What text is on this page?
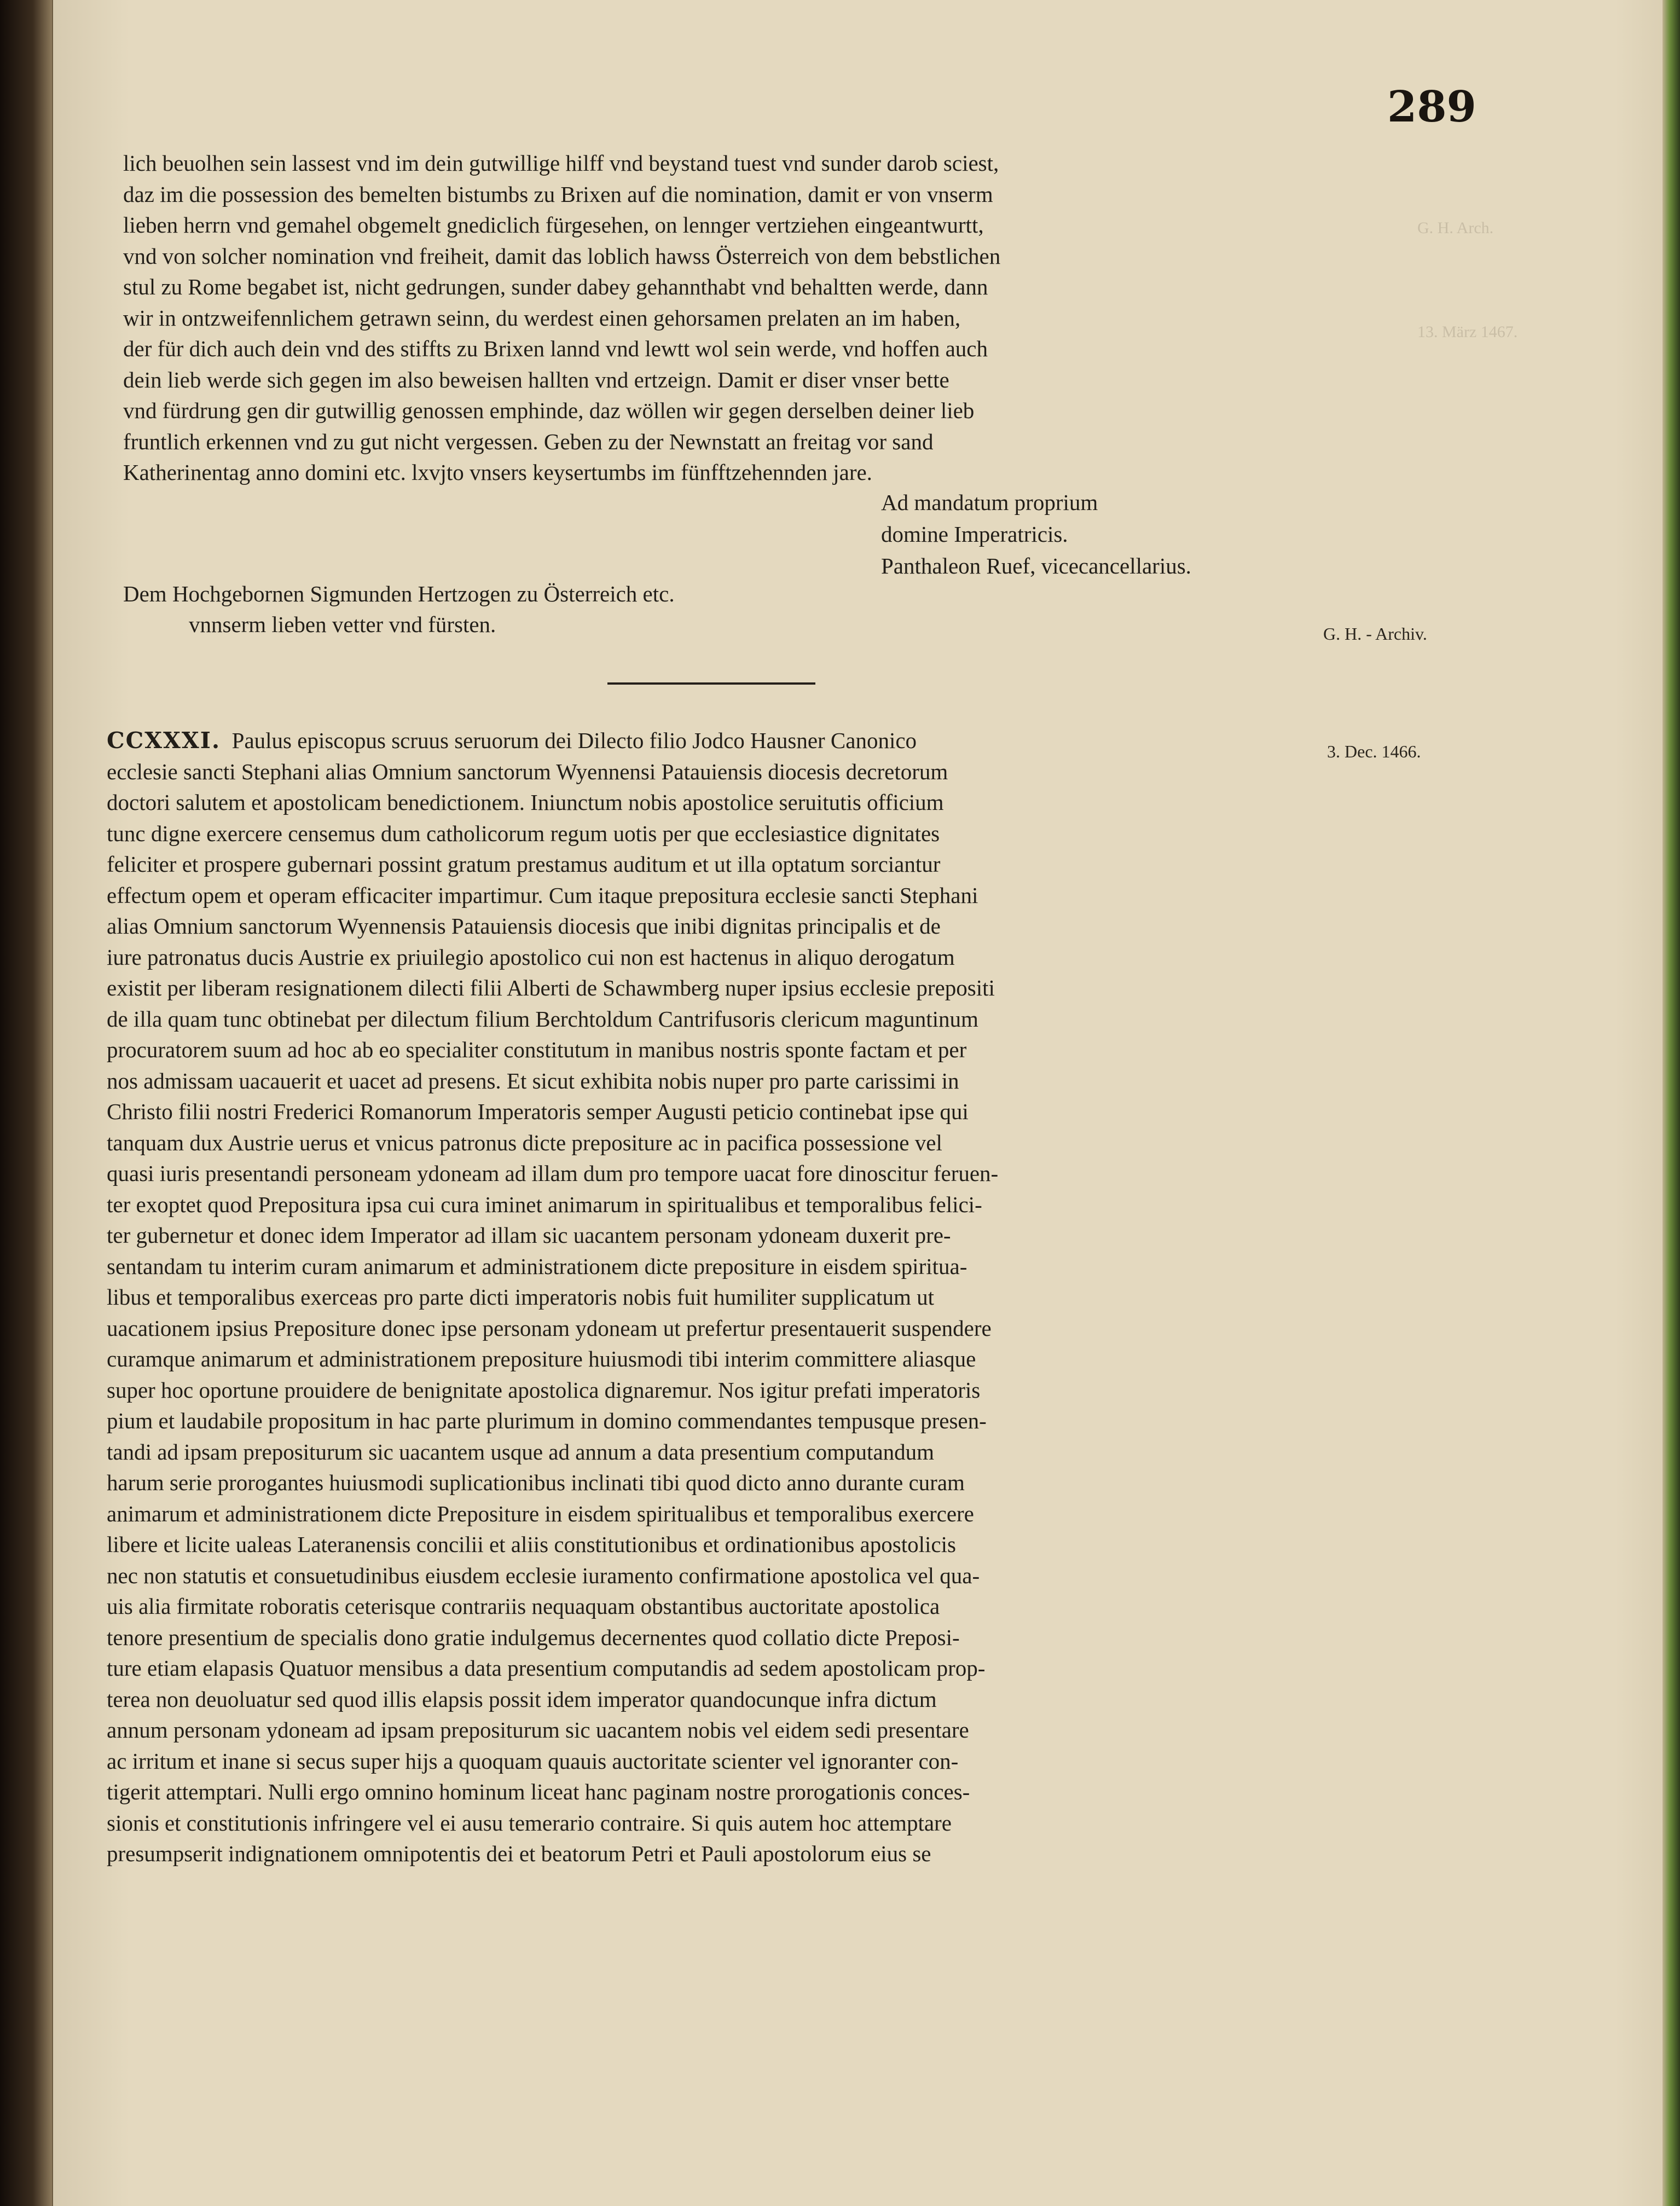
G. H. Arch.
13. März 1467.
289
lich beuolhen sein lassest vnd im dein gutwillige hilff vnd beystand tuest vnd sunder darob sciest,
daz im die possession des bemelten bistumbs zu Brixen auf die nomination, damit er von vnserm
lieben herrn vnd gemahel obgemelt gnediclich fürgesehen, on lennger vertziehen eingeantwurtt,
vnd von solcher nomination vnd freiheit, damit das loblich hawss Österreich von dem bebstlichen
stul zu Rome begabet ist, nicht gedrungen, sunder dabey gehannthabt vnd behaltten werde, dann
wir in ontzweifennlichem getrawn seinn, du werdest einen gehorsamen prelaten an im haben,
der für dich auch dein vnd des stiffts zu Brixen lannd vnd lewtt wol sein werde, vnd hoffen auch
dein lieb werde sich gegen im also beweisen hallten vnd ertzeign. Damit er diser vnser bette
vnd fürdrung gen dir gutwillig genossen emphinde, daz wöllen wir gegen derselben deiner lieb
fruntlich erkennen vnd zu gut nicht vergessen. Geben zu der Newnstatt an freitag vor sand
Katherinentag anno domini etc. lxvjto vnsers keysertumbs im fünfftzehennden jare.
Ad mandatum proprium
domine Imperatricis.
Panthaleon Ruef, vicecancellarius.
Dem Hochgebornen Sigmunden Hertzogen zu Österreich etc.
vnnserm lieben vetter vnd fürsten.	G. H. - Archiv.
3. Dec. 1466.
CCXXXI. Paulus episcopus scruus seruorum dei Dilecto filio Jodco Hausner Canonico
ecclesie sancti Stephani alias Omnium sanctorum Wyennensi Patauiensis diocesis decretorum
doctori salutem et apostolicam benedictionem. Iniunctum nobis apostolice seruitutis officium
tunc digne exercere censemus dum catholicorum regum uotis per que ecclesiastice dignitates
feliciter et prospere gubernari possint gratum prestamus auditum et ut illa optatum sorciantur
effectum opem et operam efficaciter impartimur. Cum itaque prepositura ecclesie sancti Stephani
alias Omnium sanctorum Wyennensis Patauiensis diocesis que inibi dignitas principalis et de
iure patronatus ducis Austrie ex priuilegio apostolico cui non est hactenus in aliquo derogatum
existit per liberam resignationem dilecti filii Alberti de Schawmberg nuper ipsius ecclesie prepositi
de illa quam tunc obtinebat per dilectum filium Berchtoldum Cantrifusoris clericum maguntinum
procuratorem suum ad hoc ab eo specialiter constitutum in manibus nostris sponte factam et per
nos admissam uacauerit et uacet ad presens. Et sicut exhibita nobis nuper pro parte carissimi in
Christo filii nostri Frederici Romanorum Imperatoris semper Augusti peticio continebat ipse qui
tanquam dux Austrie uerus et vnicus patronus dicte prepositure ac in pacifica possessione vel
quasi iuris presentandi personeam ydoneam ad illam dum pro tempore uacat fore dinoscitur feruen-
ter exoptet quod Prepositura ipsa cui cura iminet animarum in spiritualibus et temporalibus felici-
ter gubernetur et donec idem Imperator ad illam sic uacantem personam ydoneam duxerit pre-
sentandam tu interim curam animarum et administrationem dicte prepositure in eisdem spiritua-
libus et temporalibus exerceas pro parte dicti imperatoris nobis fuit humiliter supplicatum ut
uacationem ipsius Prepositure donec ipse personam ydoneam ut prefertur presentauerit suspendere
curamque animarum et administrationem prepositure huiusmodi tibi interim committere aliasque
super hoc oportune prouidere de benignitate apostolica dignaremur. Nos igitur prefati imperatoris
pium et laudabile propositum in hac parte plurimum in domino commendantes tempusque presen-
tandi ad ipsam prepositurum sic uacantem usque ad annum a data presentium computandum
harum serie prorogantes huiusmodi suplicationibus inclinati tibi quod dicto anno durante curam
animarum et administrationem dicte Prepositure in eisdem spiritualibus et temporalibus exercere
libere et licite ualeas Lateranensis concilii et aliis constitutionibus et ordinationibus apostolicis
nec non statutis et consuetudinibus eiusdem ecclesie iuramento confirmatione apostolica vel qua-
uis alia firmitate roboratis ceterisque contrariis nequaquam obstantibus auctoritate apostolica
tenore presentium de specialis dono gratie indulgemus decernentes quod collatio dicte Preposi-
ture etiam elapasis Quatuor mensibus a data presentium computandis ad sedem apostolicam prop-
terea non deuoluatur sed quod illis elapsis possit idem imperator quandocunque infra dictum
annum personam ydoneam ad ipsam prepositurum sic uacantem nobis vel eidem sedi presentare
ac irritum et inane si secus super hijs a quoquam quauis auctoritate scienter vel ignoranter con-
tigerit attemptari. Nulli ergo omnino hominum liceat hanc paginam nostre prorogationis conces-
sionis et constitutionis infringere vel ei ausu temerario contraire. Si quis autem hoc attemptare
presumpserit indignationem omnipotentis dei et beatorum Petri et Pauli apostolorum eius se
